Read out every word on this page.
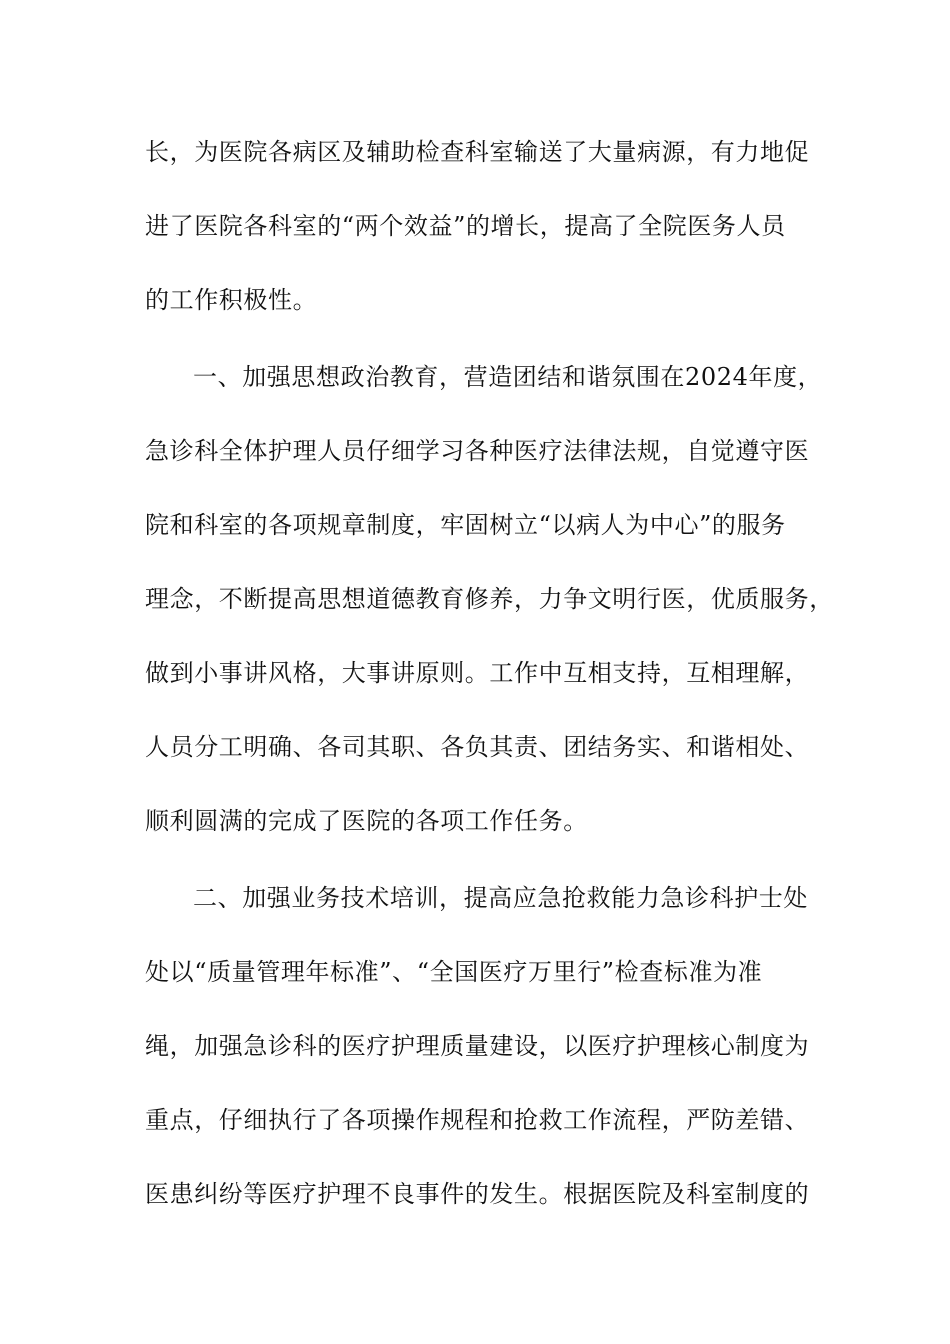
长，为医院各病区及辅助检查科室输送了大量病源，有力地促
进了医院各科室的“两个效益”的增长，提高了全院医务人员
的工作积极性。
一、加强思想政治教育，营造团结和谐氛围在2024年度，
急诊科全体护理人员仔细学习各种医疗法律法规，自觉遵守医
院和科室的各项规章制度，牢固树立“以病人为中心”的服务
理念，不断提高思想道德教育修养，力争文明行医，优质服务，
做到小事讲风格，大事讲原则。工作中互相支持，互相理解，
人员分工明确、各司其职、各负其责、团结务实、和谐相处、
顺利圆满的完成了医院的各项工作任务。
二、加强业务技术培训，提高应急抢救能力急诊科护士处
处以“质量管理年标准”、“全国医疗万里行”检查标准为准
绳，加强急诊科的医疗护理质量建设，以医疗护理核心制度为
重点，仔细执行了各项操作规程和抢救工作流程，严防差错、
医患纠纷等医疗护理不良事件的发生。根据医院及科室制度的
